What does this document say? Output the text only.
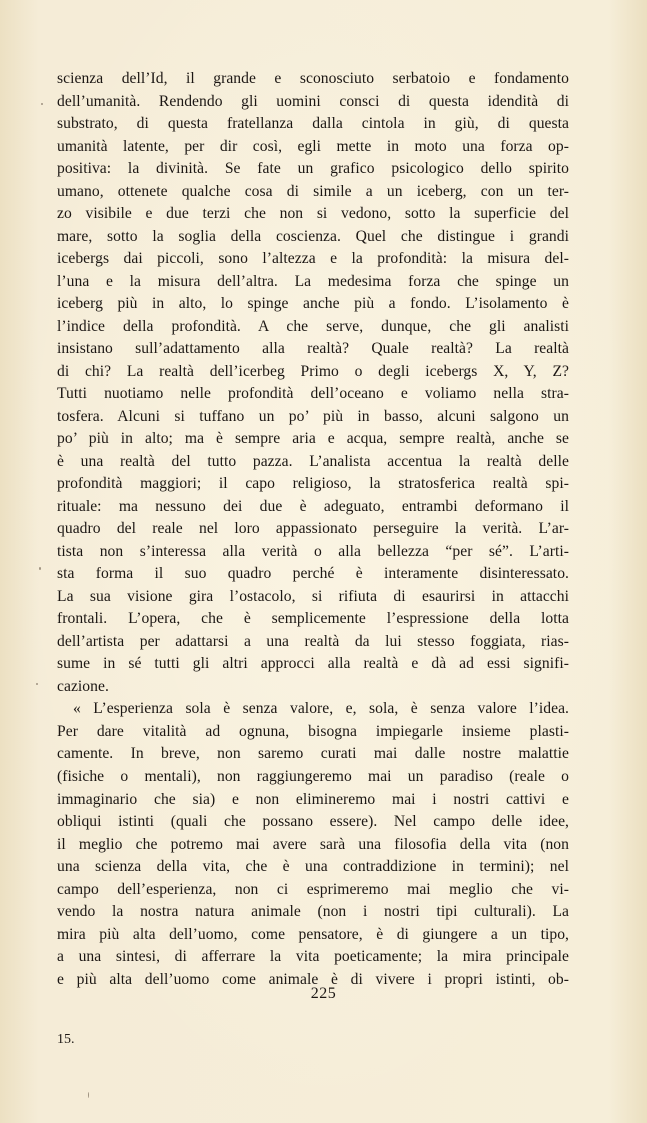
scienza dell’Id, il grande e sconosciuto serbatoio e fondamento
dell’umanità. Rendendo gli uomini consci di questa idendità di
substrato, di questa fratellanza dalla cintola in giù, di questa
umanità latente, per dir così, egli mette in moto una forza op-
positiva: la divinità. Se fate un grafico psicologico dello spirito
umano, ottenete qualche cosa di simile a un iceberg, con un ter-
zo visibile e due terzi che non si vedono, sotto la superficie del
mare, sotto la soglia della coscienza. Quel che distingue i grandi
icebergs dai piccoli, sono l’altezza e la profondità: la misura del-
l’una e la misura dell’altra. La medesima forza che spinge un
iceberg più in alto, lo spinge anche più a fondo. L’isolamento è
l’indice della profondità. A che serve, dunque, che gli analisti
insistano sull’adattamento alla realtà? Quale realtà? La realtà
di chi? La realtà dell’icerbeg Primo o degli icebergs X, Y, Z?
Tutti nuotiamo nelle profondità dell’oceano e voliamo nella stra-
tosfera. Alcuni si tuffano un po’ più in basso, alcuni salgono un
po’ più in alto; ma è sempre aria e acqua, sempre realtà, anche se
è una realtà del tutto pazza. L’analista accentua la realtà delle
profondità maggiori; il capo religioso, la stratosferica realtà spi-
rituale: ma nessuno dei due è adeguato, entrambi deformano il
quadro del reale nel loro appassionato perseguire la verità. L’ar-
tista non s’interessa alla verità o alla bellezza “per sé”. L’arti-
sta forma il suo quadro perché è interamente disinteressato.
La sua visione gira l’ostacolo, si rifiuta di esaurirsi in attacchi
frontali. L’opera, che è semplicemente l’espressione della lotta
dell’artista per adattarsi a una realtà da lui stesso foggiata, rias-
sume in sé tutti gli altri approcci alla realtà e dà ad essi signifi-
cazione.
« L’esperienza sola è senza valore, e, sola, è senza valore l’idea.
Per dare vitalità ad ognuna, bisogna impiegarle insieme plasti-
camente. In breve, non saremo curati mai dalle nostre malattie
(fisiche o mentali), non raggiungeremo mai un paradiso (reale o
immaginario che sia) e non elimineremo mai i nostri cattivi e
obliqui istinti (quali che possano essere). Nel campo delle idee,
il meglio che potremo mai avere sarà una filosofia della vita (non
una scienza della vita, che è una contraddizione in termini); nel
campo dell’esperienza, non ci esprimeremo mai meglio che vi-
vendo la nostra natura animale (non i nostri tipi culturali). La
mira più alta dell’uomo, come pensatore, è di giungere a un tipo,
a una sintesi, di afferrare la vita poeticamente; la mira principale
e più alta dell’uomo come animale è di vivere i propri istinti, ob-
225
15.
